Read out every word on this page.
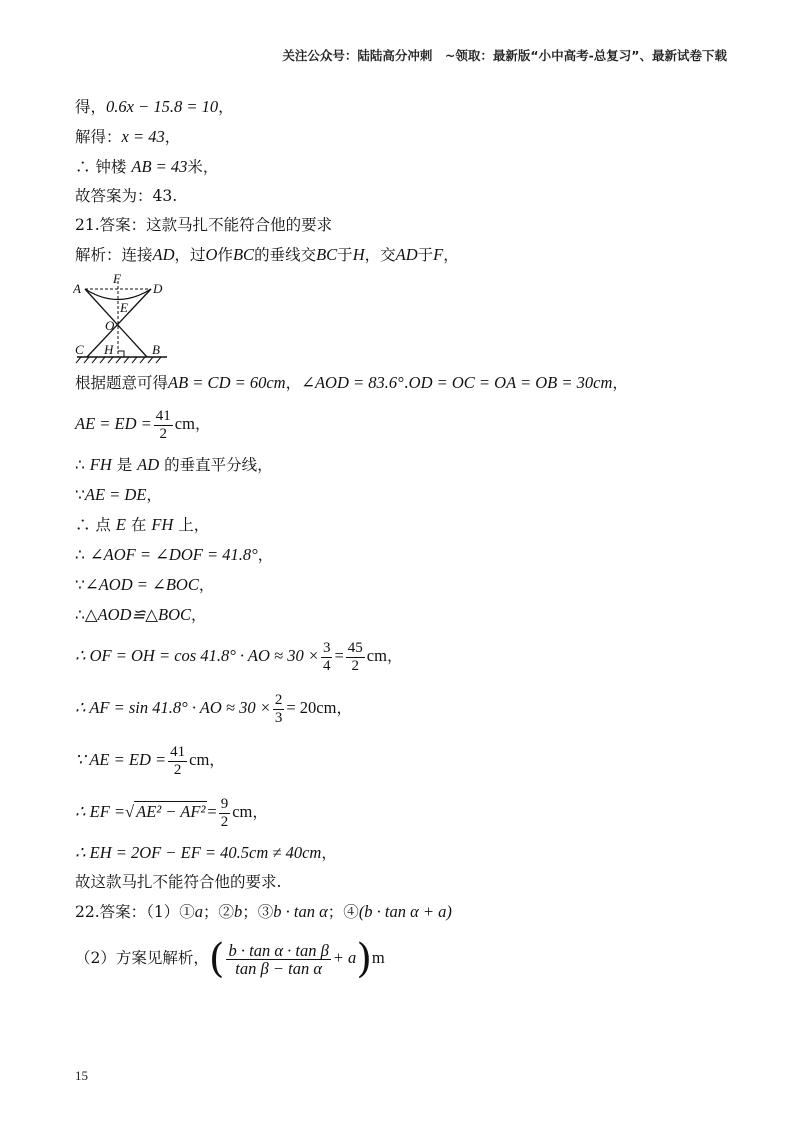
关注公众号：陆陆高分冲刺　~领取：最新版“小中高考-总复习”、最新试卷下载
得，0.6x − 15.8 = 10，
解得：x = 43，
∴ 钟楼 AB = 43米，
故答案为：43.
21.答案：这款马扎不能符合他的要求
解析：连接AD，过O作BC的垂线交BC于H，交AD于F，
A
F
D
E
O
C H	B
根据题意可得AB = CD = 60cm，∠AOD = 83.6°.OD = OC = OA = OB = 30cm，
AE = ED = $\frac{41}{2}$ cm，
∴ FH 是 AD 的垂直平分线，
∵AE = DE，
∴ 点 E 在 FH 上，
∴ ∠AOF = ∠DOF = 41.8°，
∵∠AOD = ∠BOC，
∴△AOD≌△BOC，
∴ OF = OH = cos 41.8° · AO ≈ $30 \times \frac{3}{4} = \frac{45}{2}$ cm，
∴ AF = sin 41.8° · AO ≈ $30 \times \frac{2}{3} = 20cm$，
∵ AE = ED = $\frac{41}{2}$ cm，
∴ EF =√ $AE^2 - AF^2 = \frac{9}{2}$ cm，
∴ EH = 2OF − EF = 40.5cm ≠ 40cm，
故这款马扎不能符合他的要求.
22.答案：（1）①a；②b；③b · tan α；④(b · tan α + a)
（2）方案见解析，( $\frac{\text{b · tan α · tan β}}{\text{tan β − tan α}} + a)m$
15
